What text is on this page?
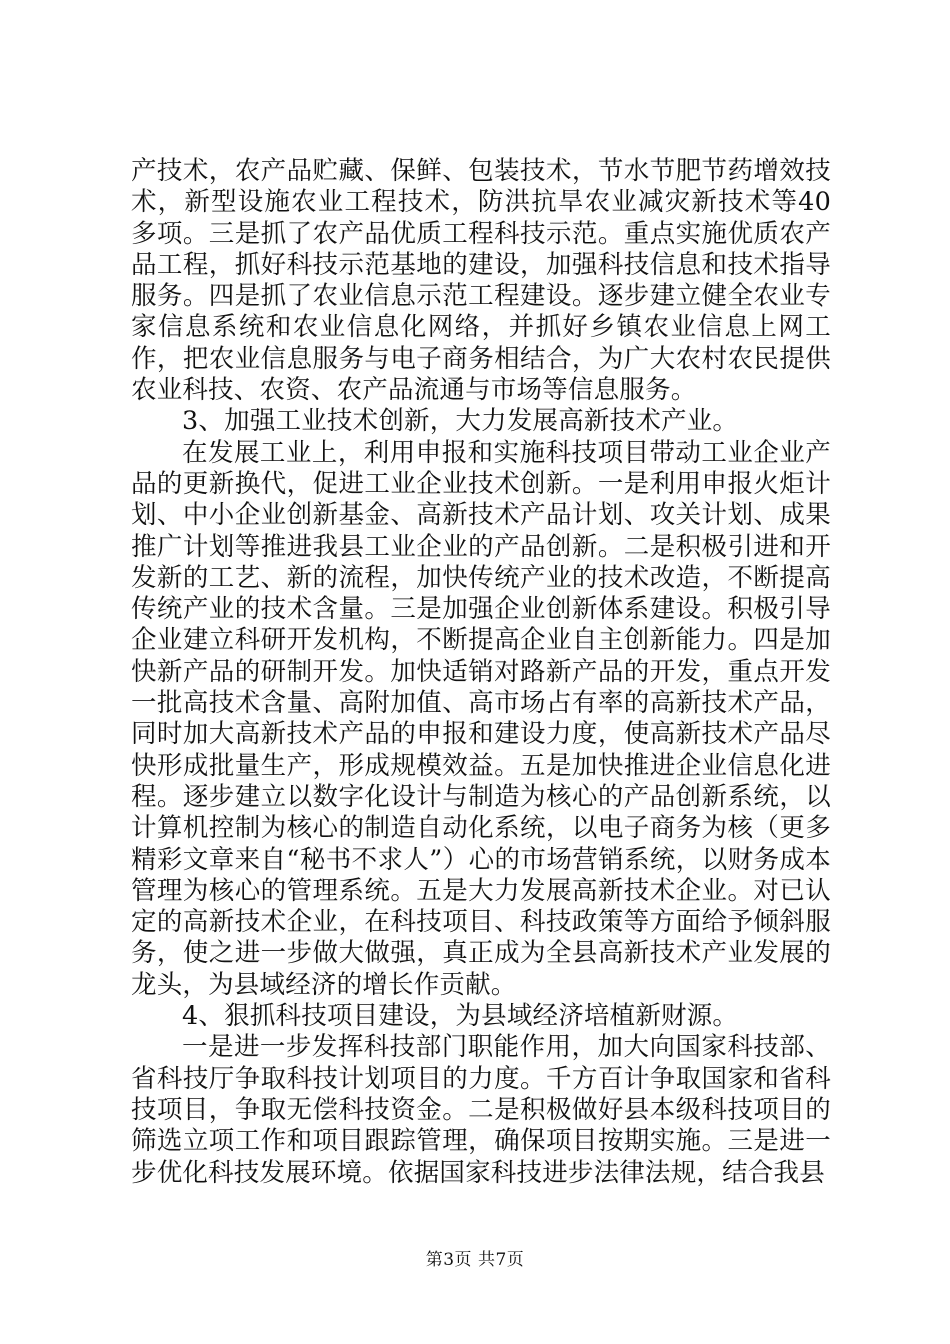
产技术，农产品贮藏、保鲜、包装技术，节水节肥节药增效技术，新型设施农业工程技术，防洪抗旱农业减灾新技术等40多项。三是抓了农产品优质工程科技示范。重点实施优质农产品工程，抓好科技示范基地的建设，加强科技信息和技术指导服务。四是抓了农业信息示范工程建设。逐步建立健全农业专家信息系统和农业信息化网络，并抓好乡镇农业信息上网工作，把农业信息服务与电子商务相结合，为广大农村农民提供农业科技、农资、农产品流通与市场等信息服务。

3、加强工业技术创新，大力发展高新技术产业。

在发展工业上，利用申报和实施科技项目带动工业企业产品的更新换代，促进工业企业技术创新。一是利用申报火炬计划、中小企业创新基金、高新技术产品计划、攻关计划、成果推广计划等推进我县工业企业的产品创新。二是积极引进和开发新的工艺、新的流程，加快传统产业的技术改造，不断提高传统产业的技术含量。三是加强企业创新体系建设。积极引导企业建立科研开发机构，不断提高企业自主创新能力。四是加快新产品的研制开发。加快适销对路新产品的开发，重点开发一批高技术含量、高附加值、高市场占有率的高新技术产品，同时加大高新技术产品的申报和建设力度，使高新技术产品尽快形成批量生产，形成规模效益。五是加快推进企业信息化进程。逐步建立以数字化设计与制造为核心的产品创新系统，以计算机控制为核心的制造自动化系统，以电子商务为核（更多精彩文章来自“秘书不求人”）心的市场营销系统，以财务成本管理为核心的管理系统。五是大力发展高新技术企业。对已认定的高新技术企业，在科技项目、科技政策等方面给予倾斜服务，使之进一步做大做强，真正成为全县高新技术产业发展的龙头，为县域经济的增长作贡献。

4、狠抓科技项目建设，为县域经济培植新财源。

一是进一步发挥科技部门职能作用，加大向国家科技部、省科技厅争取科技计划项目的力度。千方百计争取国家和省科技项目，争取无偿科技资金。二是积极做好县本级科技项目的筛选立项工作和项目跟踪管理，确保项目按期实施。三是进一步优化科技发展环境。依据国家科技进步法律法规，结合我县

第3页 共7页
